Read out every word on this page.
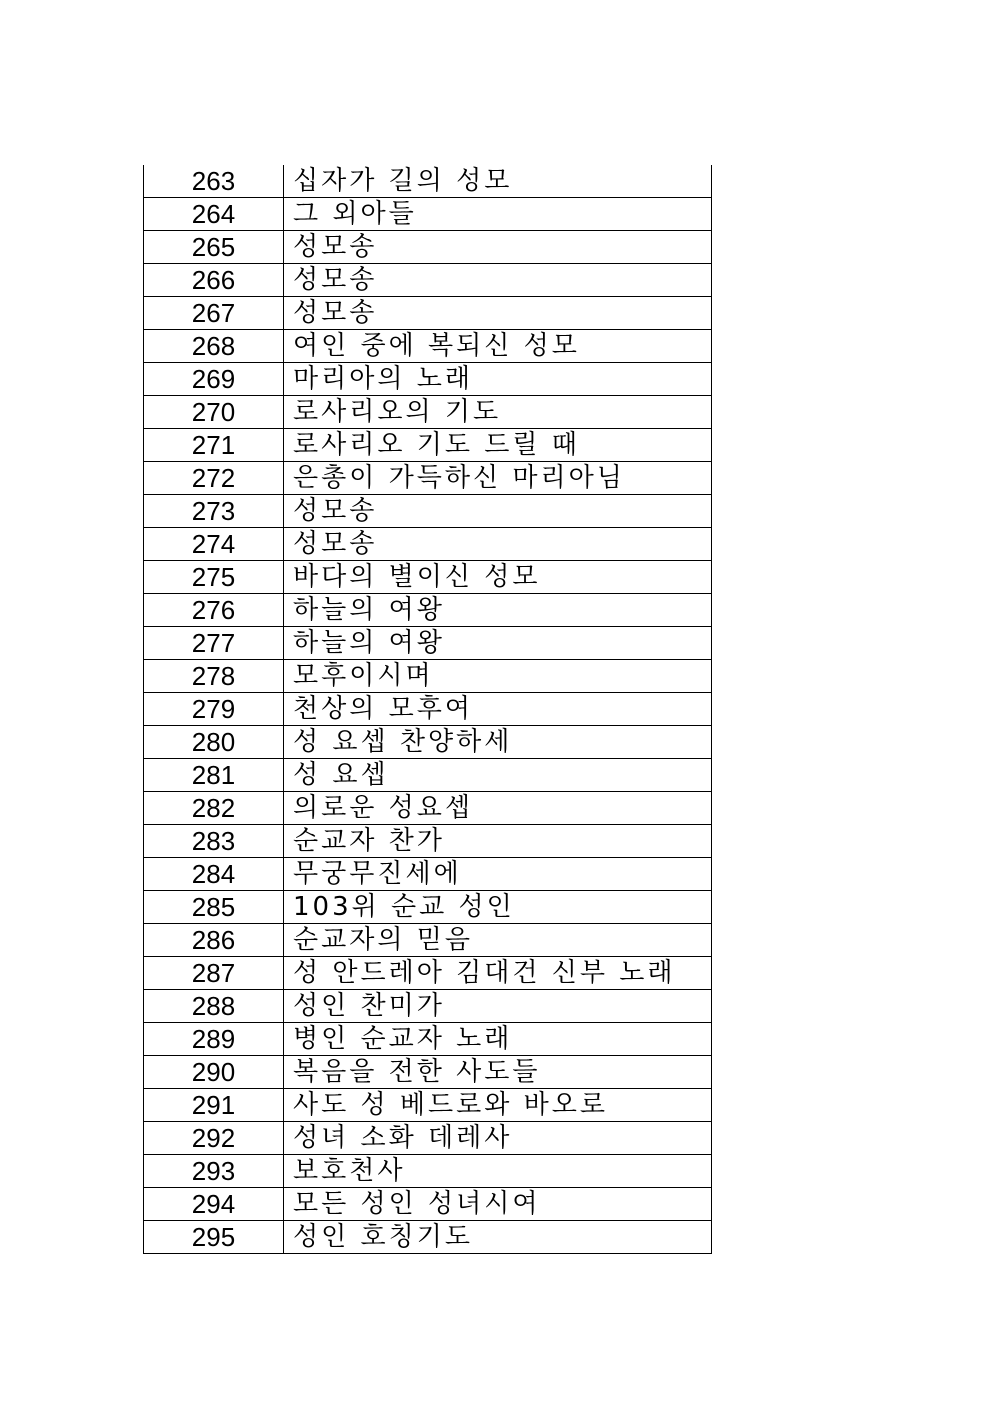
263	십자가 길의 성모
264	그 외아들
265	성모송
266	성모송
267	성모송
268	여인 중에 복되신 성모
269	마리아의 노래
270	로사리오의 기도
271	로사리오 기도 드릴 때
272	은총이 가득하신 마리아님
273	성모송
274	성모송
275	바다의 별이신 성모
276	하늘의 여왕
277	하늘의 여왕
278	모후이시며
279	천상의 모후여
280	성 요셉 찬양하세
281	성 요셉
282	의로운 성요셉
283	순교자 찬가
284	무궁무진세에
285	103위 순교 성인
286	순교자의 믿음
287	성 안드레아 김대건 신부 노래
288	성인 찬미가
289	병인 순교자 노래
290	복음을 전한 사도들
291	사도 성 베드로와 바오로
292	성녀 소화 데레사
293	보호천사
294	모든 성인 성녀시여
295	성인 호칭기도
